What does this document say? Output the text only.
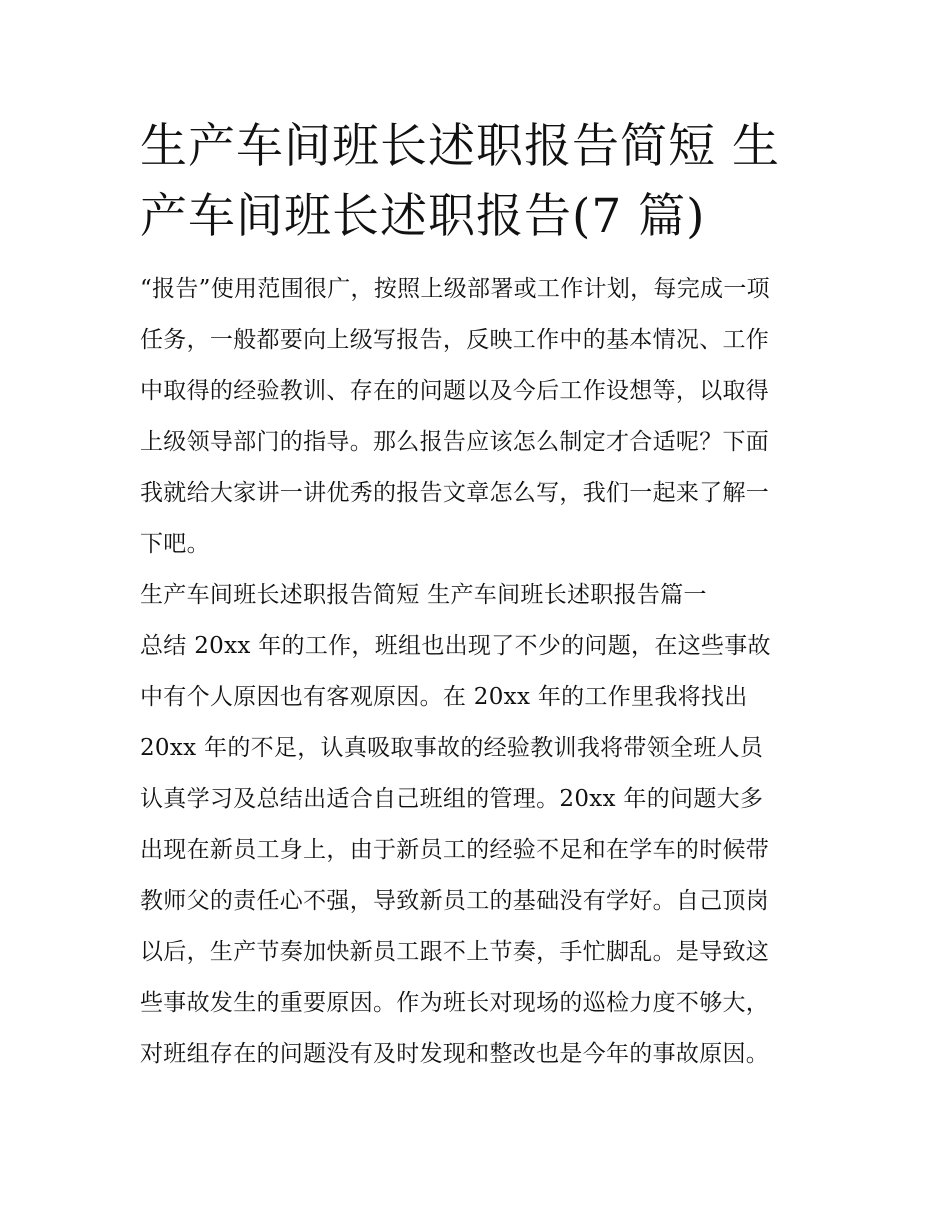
生产车间班长述职报告简短 生
产车间班长述职报告(7 篇)

“报告”使用范围很广，按照上级部署或工作计划，每完成一项
任务，一般都要向上级写报告，反映工作中的基本情况、工作
中取得的经验教训、存在的问题以及今后工作设想等，以取得
上级领导部门的指导。那么报告应该怎么制定才合适呢？下面
我就给大家讲一讲优秀的报告文章怎么写，我们一起来了解一
下吧。

生产车间班长述职报告简短 生产车间班长述职报告篇一

总结 20xx 年的工作，班组也出现了不少的问题，在这些事故
中有个人原因也有客观原因。在 20xx 年的工作里我将找出
20xx 年的不足，认真吸取事故的经验教训我将带领全班人员
认真学习及总结出适合自己班组的管理。20xx 年的问题大多
出现在新员工身上，由于新员工的经验不足和在学车的时候带
教师父的责任心不强，导致新员工的基础没有学好。自己顶岗
以后，生产节奏加快新员工跟不上节奏，手忙脚乱。是导致这
些事故发生的重要原因。作为班长对现场的巡检力度不够大，
对班组存在的问题没有及时发现和整改也是今年的事故原因。
